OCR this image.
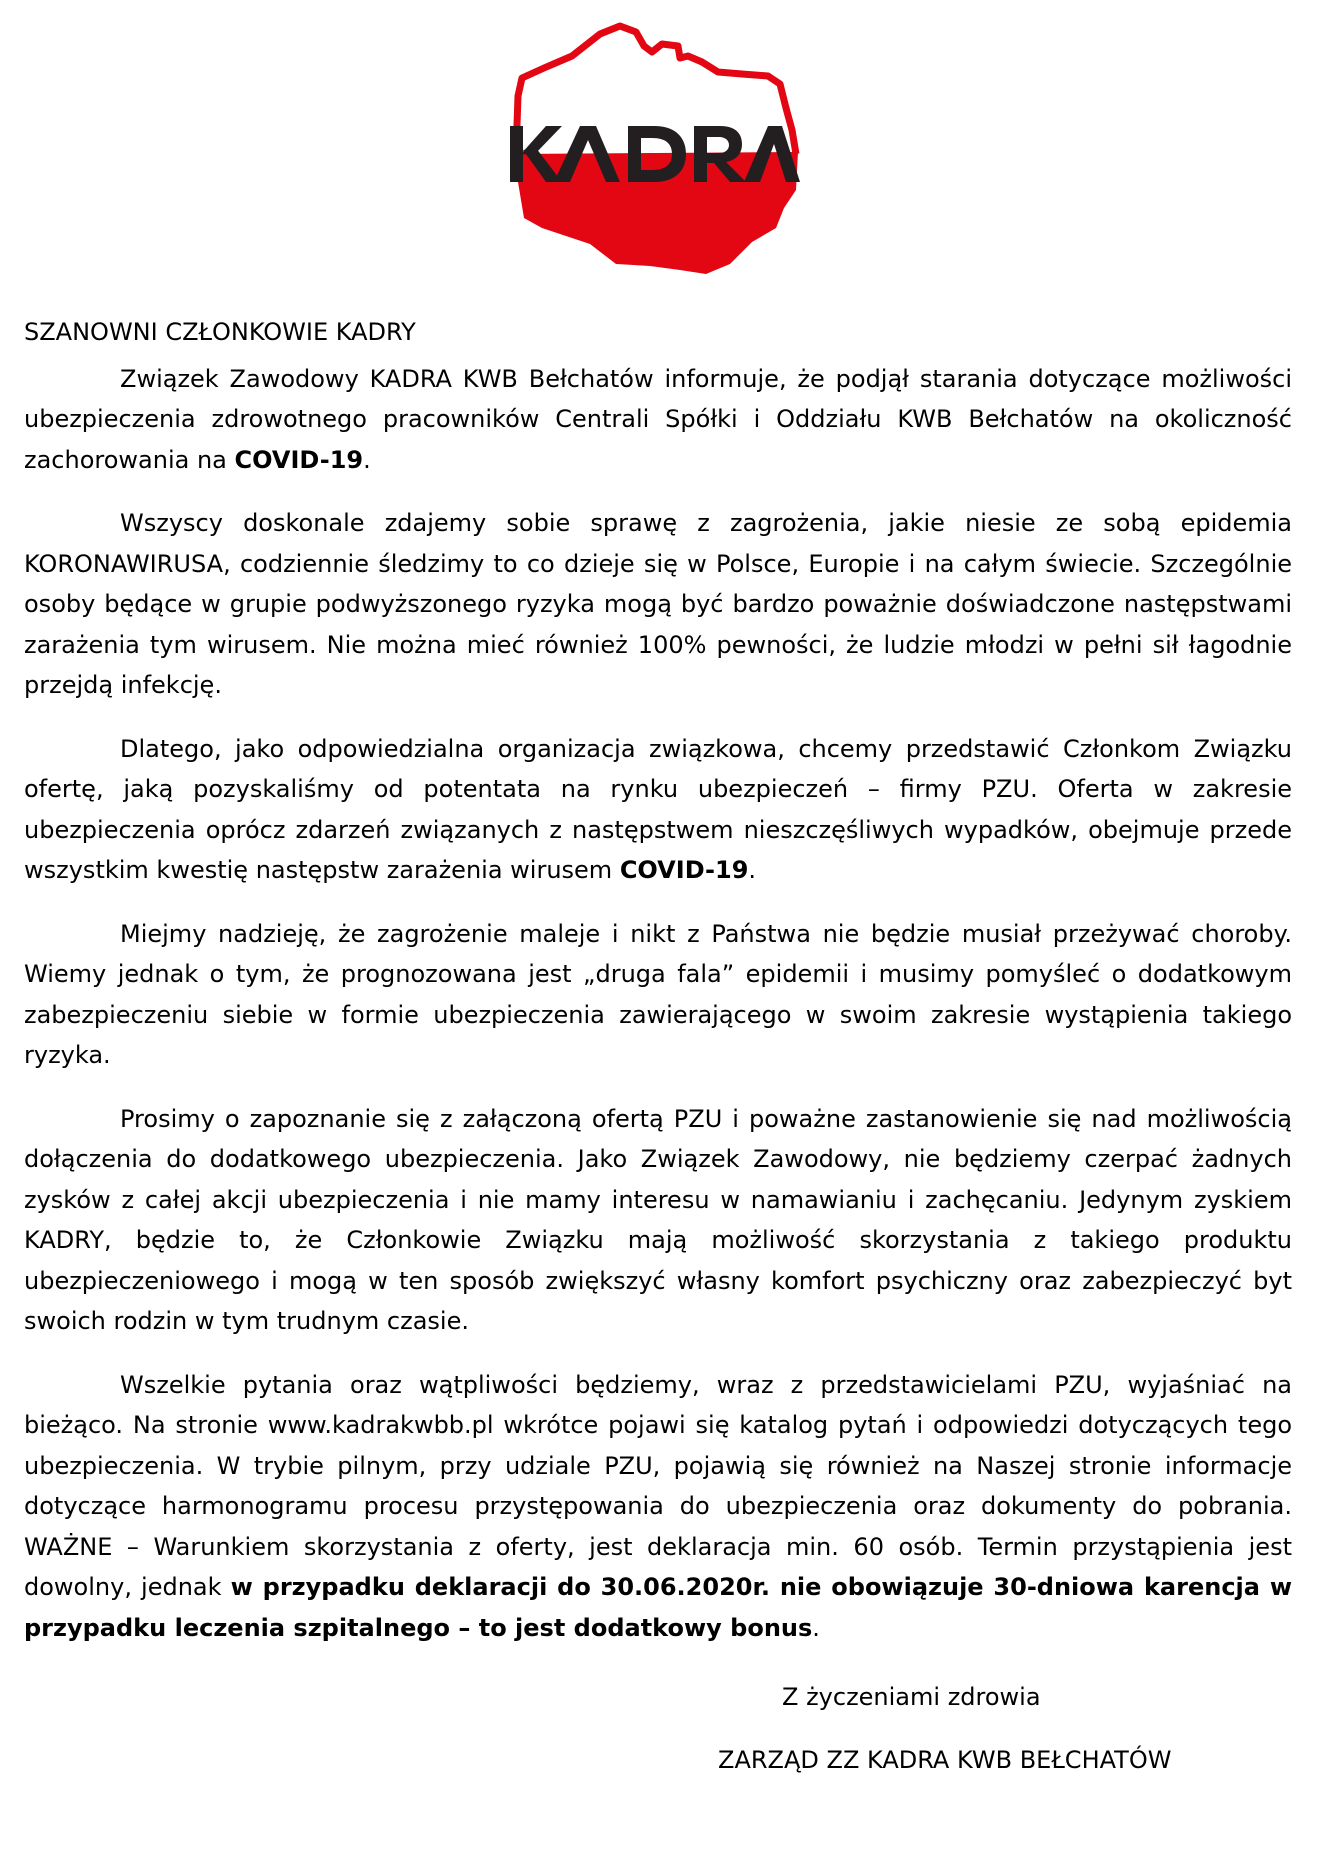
SZANOWNI CZŁONKOWIE KADRY

Związek Zawodowy KADRA KWB Bełchatów informuje, że podjął starania dotyczące możliwości ubezpieczenia zdrowotnego pracowników Centrali Spółki i Oddziału KWB Bełchatów na okoliczność zachorowania na COVID-19.

Wszyscy doskonale zdajemy sobie sprawę z zagrożenia, jakie niesie ze sobą epidemia KORONAWIRUSA, codziennie śledzimy to co dzieje się w Polsce, Europie i na całym świecie. Szczególnie osoby będące w grupie podwyższonego ryzyka mogą być bardzo poważnie doświadczone następstwami zarażenia tym wirusem. Nie można mieć również 100% pewności, że ludzie młodzi w pełni sił łagodnie przejdą infekcję.

Dlatego, jako odpowiedzialna organizacja związkowa, chcemy przedstawić Członkom Związku ofertę, jaką pozyskaliśmy od potentata na rynku ubezpieczeń – firmy PZU. Oferta w zakresie ubezpieczenia oprócz zdarzeń związanych z następstwem nieszczęśliwych wypadków, obejmuje przede wszystkim kwestię następstw zarażenia wirusem COVID-19.

Miejmy nadzieję, że zagrożenie maleje i nikt z Państwa nie będzie musiał przeżywać choroby. Wiemy jednak o tym, że prognozowana jest „druga fala” epidemii i musimy pomyśleć o dodatkowym zabezpieczeniu siebie w formie ubezpieczenia zawierającego w swoim zakresie wystąpienia takiego ryzyka.

Prosimy o zapoznanie się z załączoną ofertą PZU i poważne zastanowienie się nad możliwością dołączenia do dodatkowego ubezpieczenia. Jako Związek Zawodowy, nie będziemy czerpać żadnych zysków z całej akcji ubezpieczenia i nie mamy interesu w namawianiu i zachęcaniu. Jedynym zyskiem KADRY, będzie to, że Członkowie Związku mają możliwość skorzystania z takiego produktu ubezpieczeniowego i mogą w ten sposób zwiększyć własny komfort psychiczny oraz zabezpieczyć byt swoich rodzin w tym trudnym czasie.

Wszelkie pytania oraz wątpliwości będziemy, wraz z przedstawicielami PZU, wyjaśniać na bieżąco. Na stronie www.kadrakwbb.pl wkrótce pojawi się katalog pytań i odpowiedzi dotyczących tego ubezpieczenia. W trybie pilnym, przy udziale PZU, pojawią się również na Naszej stronie informacje dotyczące harmonogramu procesu przystępowania do ubezpieczenia oraz dokumenty do pobrania. WAŻNE – Warunkiem skorzystania z oferty, jest deklaracja min. 60 osób. Termin przystąpienia jest dowolny, jednak w przypadku deklaracji do 30.06.2020r. nie obowiązuje 30-dniowa karencja w przypadku leczenia szpitalnego – to jest dodatkowy bonus.

Z życzeniami zdrowia
ZARZĄD ZZ KADRA KWB BEŁCHATÓW
